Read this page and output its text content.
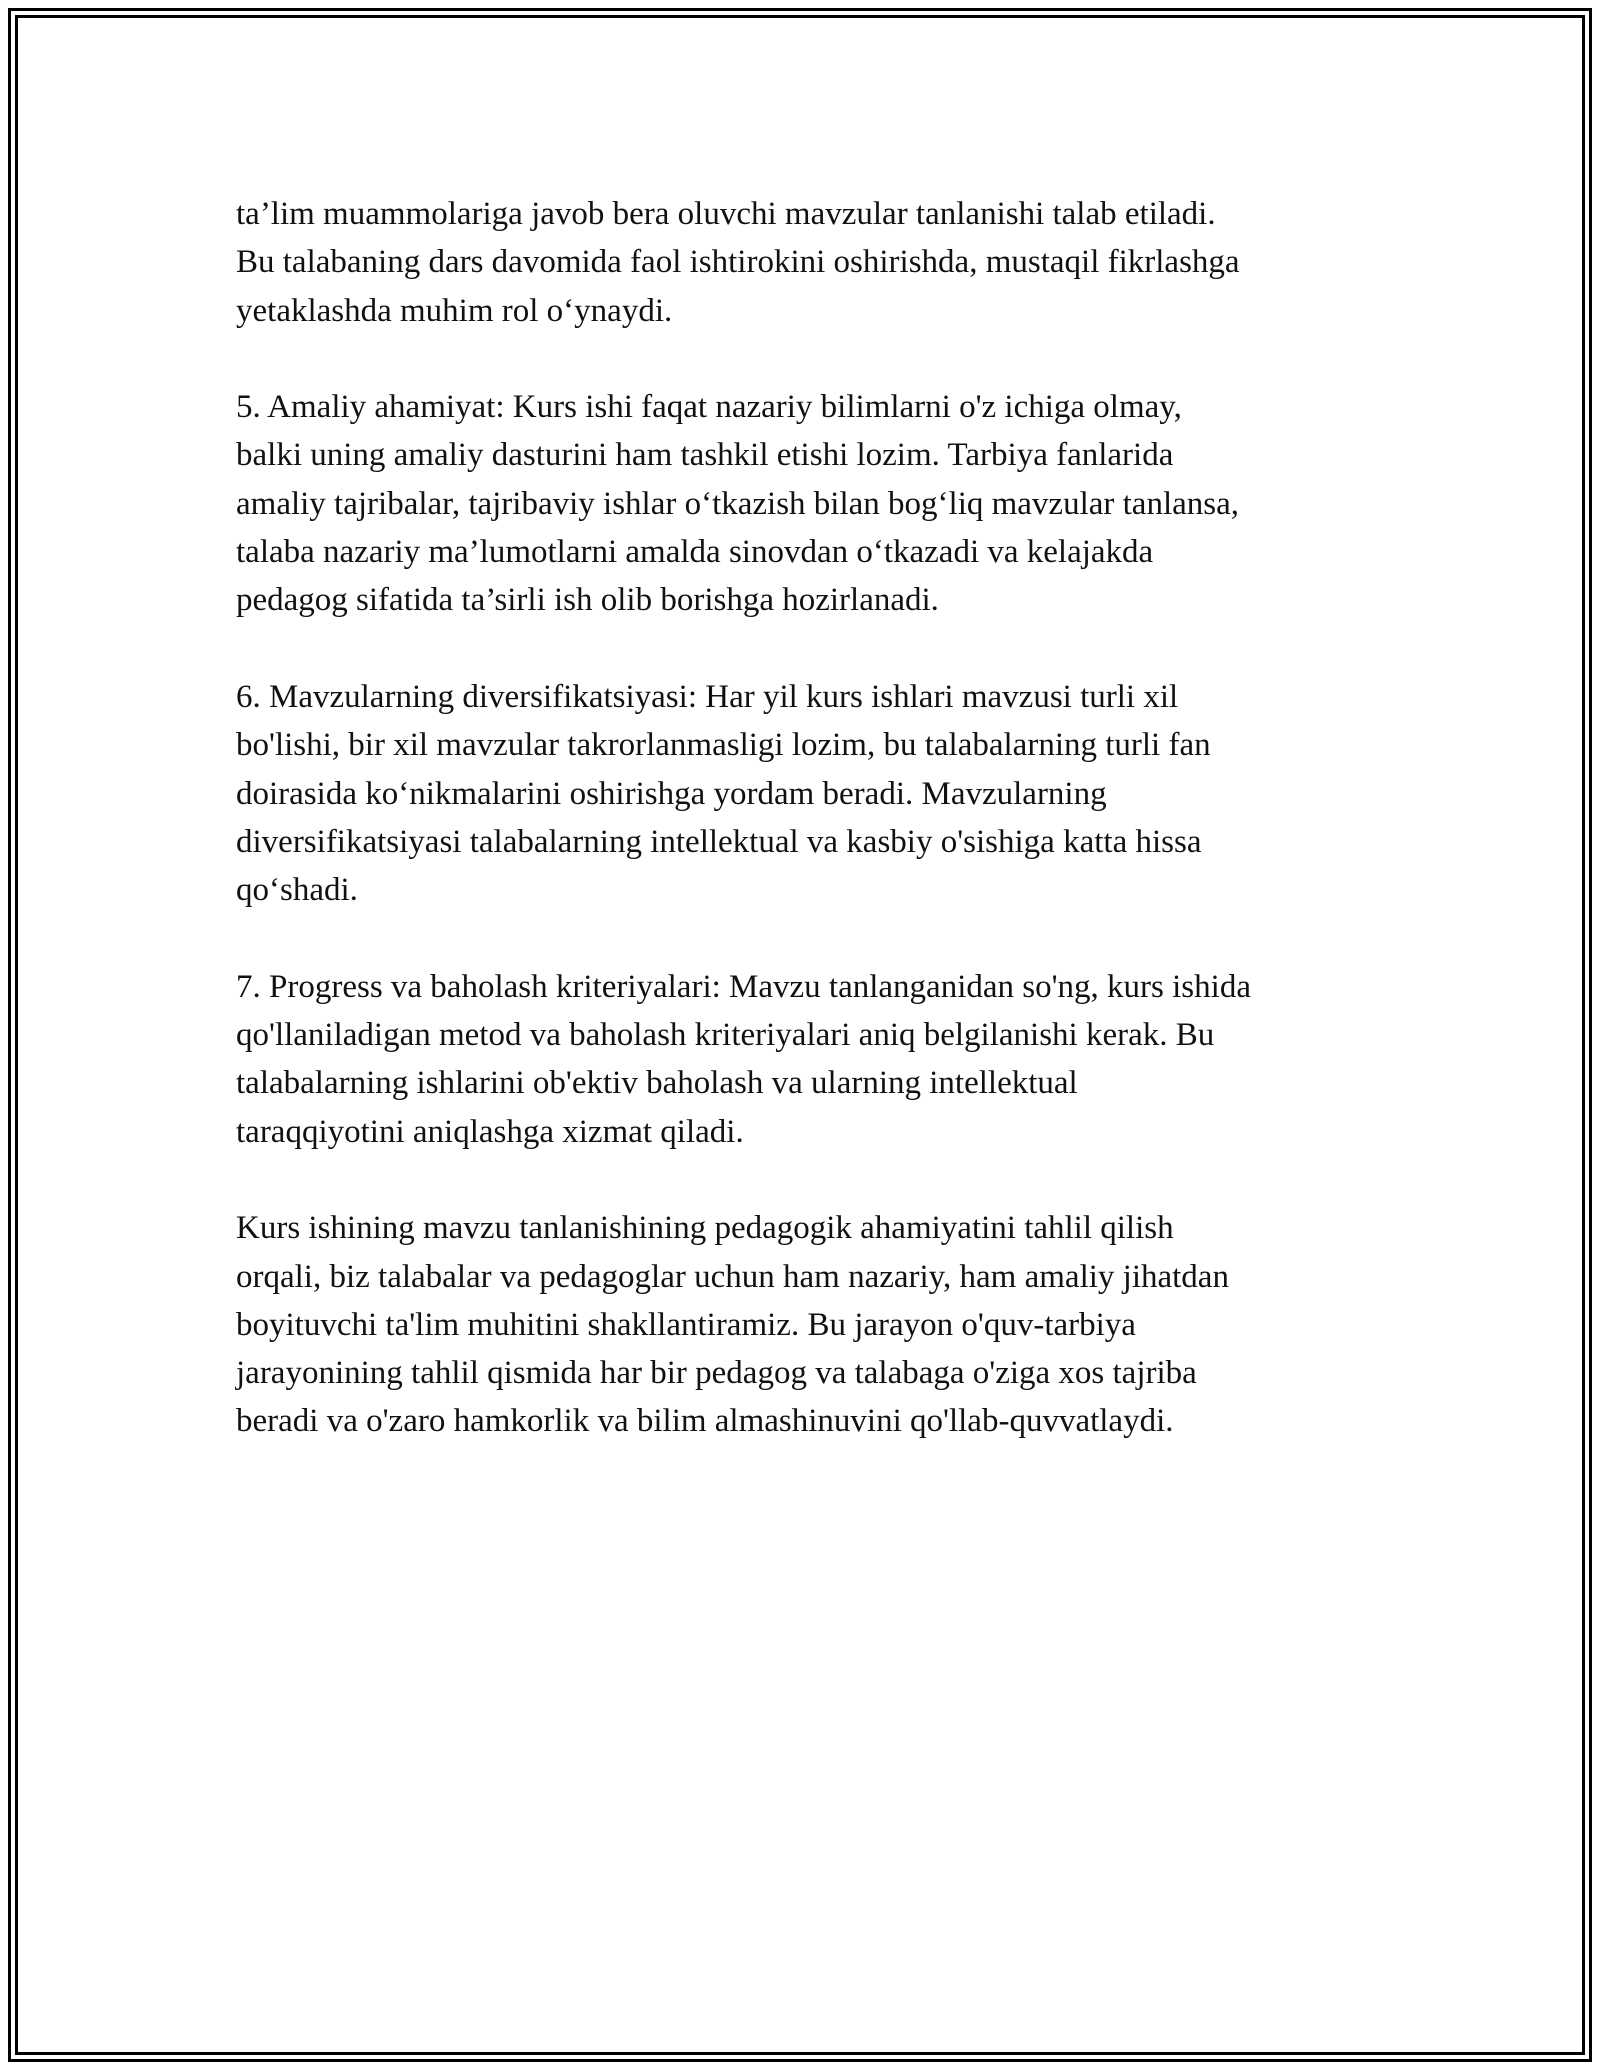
ta’lim muammolariga javob bera oluvchi mavzular tanlanishi talab etiladi.
Bu talabaning dars davomida faol ishtirokini oshirishda, mustaqil fikrlashga
yetaklashda muhim rol o‘ynaydi.

5. Amaliy ahamiyat: Kurs ishi faqat nazariy bilimlarni o'z ichiga olmay,
balki uning amaliy dasturini ham tashkil etishi lozim. Tarbiya fanlarida
amaliy tajribalar, tajribaviy ishlar o‘tkazish bilan bog‘liq mavzular tanlansa,
talaba nazariy ma’lumotlarni amalda sinovdan o‘tkazadi va kelajakda
pedagog sifatida ta’sirli ish olib borishga hozirlanadi.

6. Mavzularning diversifikatsiyasi: Har yil kurs ishlari mavzusi turli xil
bo'lishi, bir xil mavzular takrorlanmasligi lozim, bu talabalarning turli fan
doirasida ko‘nikmalarini oshirishga yordam beradi. Mavzularning
diversifikatsiyasi talabalarning intellektual va kasbiy o'sishiga katta hissa
qo‘shadi.

7. Progress va baholash kriteriyalari: Mavzu tanlanganidan so'ng, kurs ishida
qo'llaniladigan metod va baholash kriteriyalari aniq belgilanishi kerak. Bu
talabalarning ishlarini ob'ektiv baholash va ularning intellektual
taraqqiyotini aniqlashga xizmat qiladi.

Kurs ishining mavzu tanlanishining pedagogik ahamiyatini tahlil qilish
orqali, biz talabalar va pedagoglar uchun ham nazariy, ham amaliy jihatdan
boyituvchi ta'lim muhitini shakllantiramiz. Bu jarayon o'quv-tarbiya
jarayonining tahlil qismida har bir pedagog va talabaga o'ziga xos tajriba
beradi va o'zaro hamkorlik va bilim almashinuvini qo'llab-quvvatlaydi.
